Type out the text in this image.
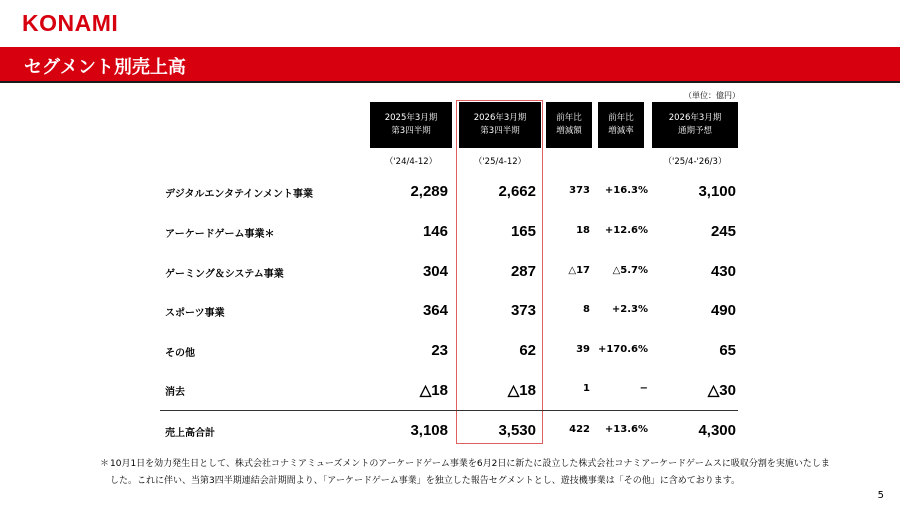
KONAMI
セグメント別売上高
（単位：億円）
2025年3月期
第3四半期
（'24/4-12）
2026年3月期
第3四半期
（'25/4-12）
前年比
増減額
前年比
増減率
2026年3月期
通期予想
（'25/4-'26/3）
デジタルエンタテインメント事業	2,289	2,662	373	+16.3%	3,100
アーケードゲーム事業＊	146	165	18	+12.6%	245
ゲーミング＆システム事業	304	287	△17	△5.7%	430
スポーツ事業	364	373	8	+2.3%	490
その他	23	62	39 +170.6%	65
消去	△18	△18	1	−	△30
売上高合計	3,108	3,530	422	+13.6%	4,300
＊ 10月1日を効力発生日として、株式会社コナミアミューズメントのアーケードゲーム事業を6月2日に新たに設立した株式会社コナミアーケードゲームスに吸収分割を実施いたしました。これに伴い、当第3四半期連結会計期間より、「アーケードゲーム事業」を独立した報告セグメントとし、遊技機事業は「その他」に含めております。
5
